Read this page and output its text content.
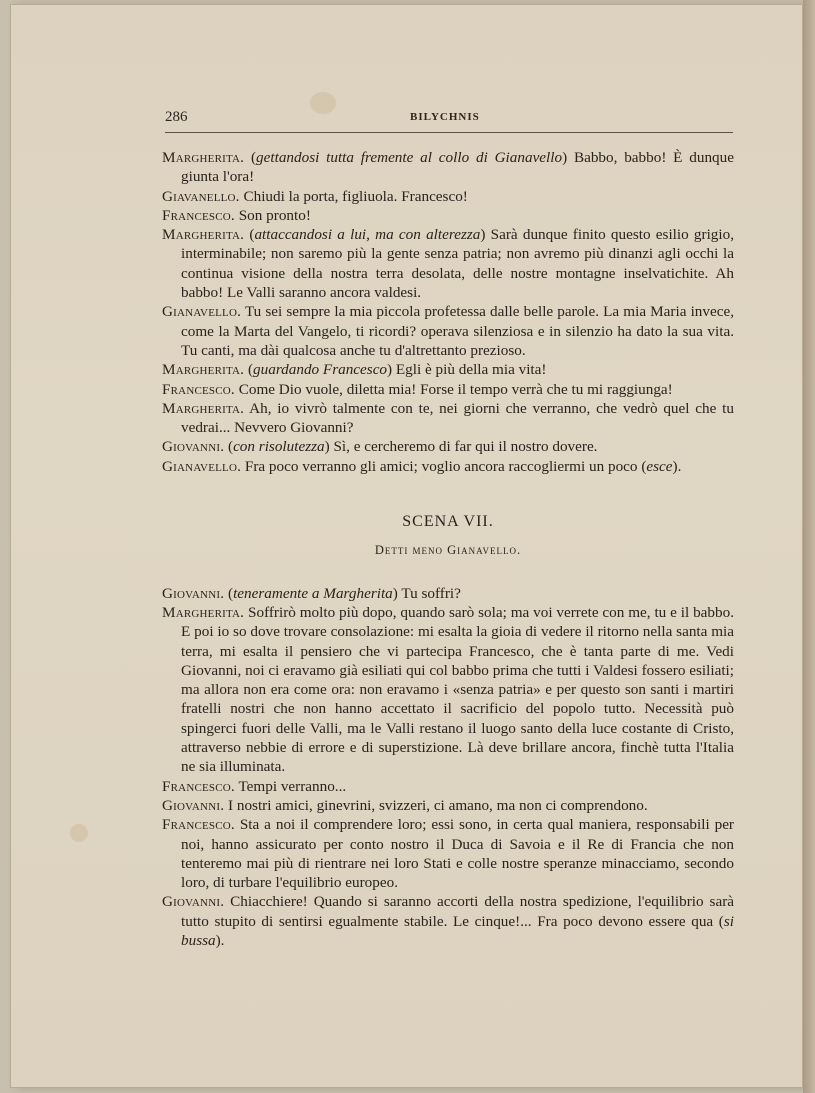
286	BILYCHNIS

Margherita. (gettandosi tutta fremente al collo di Gianavello) Babbo, babbo! È dunque giunta l'ora!

Giavanello. Chiudi la porta, figliuola. Francesco!

Francesco. Son pronto!

Margherita. (attaccandosi a lui, ma con alterezza) Sarà dunque finito questo esilio grigio, interminabile; non saremo più la gente senza patria; non avremo più dinanzi agli occhi la continua visione della nostra terra desolata, delle nostre montagne inselvatichite. Ah babbo! Le Valli saranno ancora valdesi.

Gianavello. Tu sei sempre la mia piccola profetessa dalle belle parole. La mia Maria invece, come la Marta del Vangelo, ti ricordi? operava silenziosa e in silenzio ha dato la sua vita. Tu canti, ma dài qualcosa anche tu d'altrettanto prezioso.

Margherita. (guardando Francesco) Egli è più della mia vita!

Francesco. Come Dio vuole, diletta mia! Forse il tempo verrà che tu mi raggiunga!

Margherita. Ah, io vivrò talmente con te, nei giorni che verranno, che vedrò quel che tu vedrai... Nevvero Giovanni?

Giovanni. (con risolutezza) Sì, e cercheremo di far qui il nostro dovere.

Gianavello. Fra poco verranno gli amici; voglio ancora raccogliermi un poco (esce).

SCENA VII.
Detti meno Gianavello.

Giovanni. (teneramente a Margherita) Tu soffri?

Margherita. Soffrirò molto più dopo, quando sarò sola; ma voi verrete con me, tu e il babbo. E poi io so dove trovare consolazione: mi esalta la gioia di vedere il ritorno nella santa mia terra, mi esalta il pensiero che vi partecipa Francesco, che è tanta parte di me. Vedi Giovanni, noi ci eravamo già esiliati qui col babbo prima che tutti i Valdesi fossero esiliati; ma allora non era come ora: non eravamo i «senza patria» e per questo son santi i martiri fratelli nostri che non hanno accettato il sacrificio del popolo tutto. Necessità può spingerci fuori delle Valli, ma le Valli restano il luogo santo della luce costante di Cristo, attraverso nebbie di errore e di superstizione. Là deve brillare ancora, finchè tutta l'Italia ne sia illuminata.

Francesco. Tempi verranno...

Giovanni. I nostri amici, ginevrini, svizzeri, ci amano, ma non ci comprendono.

Francesco. Sta a noi il comprendere loro; essi sono, in certa qual maniera, responsabili per noi, hanno assicurato per conto nostro il Duca di Savoia e il Re di Francia che non tenteremo mai più di rientrare nei loro Stati e colle nostre speranze minacciamo, secondo loro, di turbare l'equilibrio europeo.

Giovanni. Chiacchiere! Quando si saranno accorti della nostra spedizione, l'equilibrio sarà tutto stupito di sentirsi egualmente stabile. Le cinque!... Fra poco devono essere qua (si bussa).
